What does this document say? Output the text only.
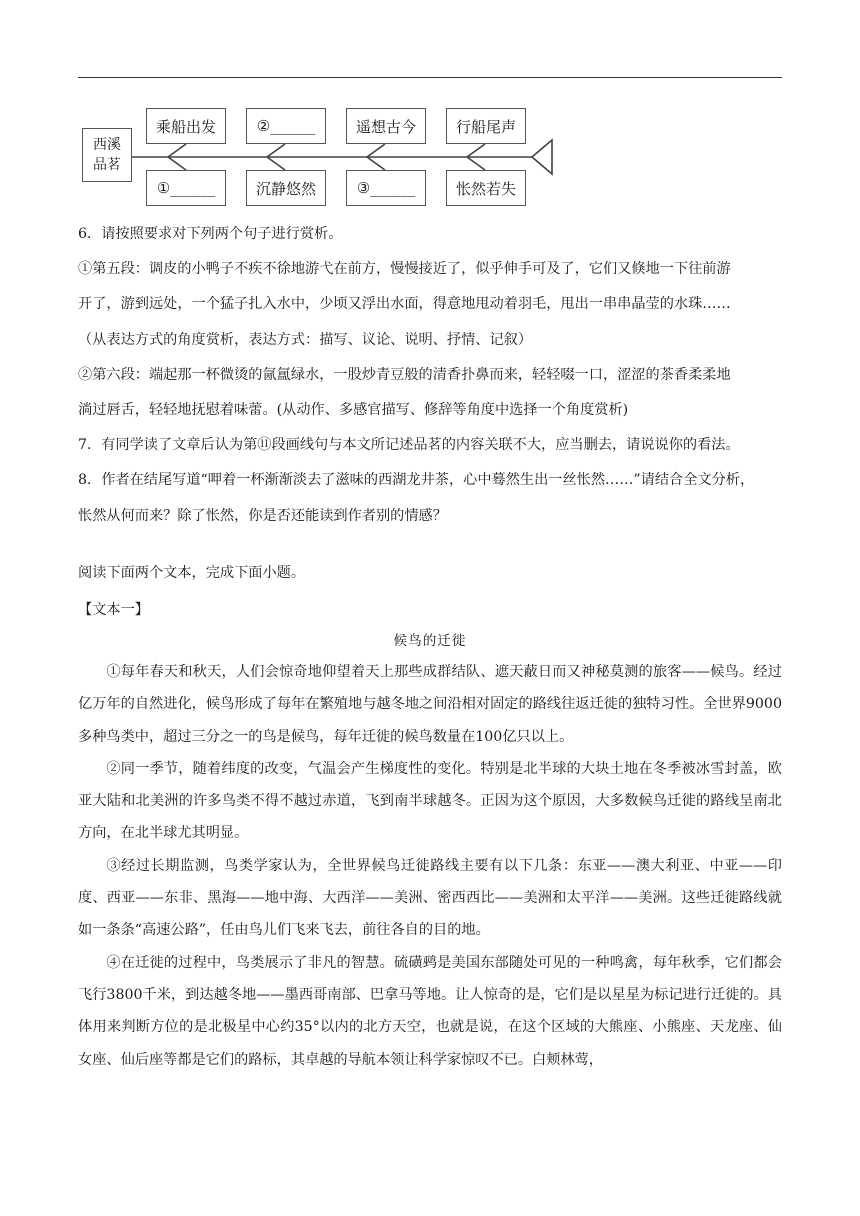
西溪
品茗
乘船出发	②______	遥想古今	行船尾声
①______	沉静悠然	③______	怅然若失

6．请按照要求对下列两个句子进行赏析。

①第五段：调皮的小鸭子不疾不徐地游弋在前方，慢慢接近了，似乎伸手可及了，它们又倏地一下往前游

开了，游到远处，一个猛子扎入水中，少顷又浮出水面，得意地甩动着羽毛，甩出一串串晶莹的水珠……

（从表达方式的角度赏析，表达方式：描写、议论、说明、抒情、记叙）

②第六段：端起那一杯微烫的氤氲绿水，一股炒青豆般的清香扑鼻而来，轻轻啜一口，涩涩的茶香柔柔地

淌过唇舌，轻轻地抚慰着味蕾。(从动作、多感官描写、修辞等角度中选择一个角度赏析)

7．有同学读了文章后认为第⑪段画线句与本文所记述品茗的内容关联不大，应当删去，请说说你的看法。

8．作者在结尾写道“呷着一杯渐渐淡去了滋味的西湖龙井茶，心中蓦然生出一丝怅然……”请结合全文分析，

怅然从何而来？除了怅然，你是否还能读到作者别的情感？

阅读下面两个文本，完成下面小题。
【文本一】
候鸟的迁徙

①每年春天和秋天，人们会惊奇地仰望着天上那些成群结队、遮天蔽日而又神秘莫测的旅客——候鸟。经过亿万年的自然进化，候鸟形成了每年在繁殖地与越冬地之间沿相对固定的路线往返迁徙的独特习性。全世界9000多种鸟类中，超过三分之一的鸟是候鸟，每年迁徙的候鸟数量在100亿只以上。

②同一季节，随着纬度的改变，气温会产生梯度性的变化。特别是北半球的大块土地在冬季被冰雪封盖，欧亚大陆和北美洲的许多鸟类不得不越过赤道，飞到南半球越冬。正因为这个原因，大多数候鸟迁徙的路线呈南北方向，在北半球尤其明显。

③经过长期监测，鸟类学家认为，全世界候鸟迁徙路线主要有以下几条：东亚——澳大利亚、中亚——印度、西亚——东非、黑海——地中海、大西洋——美洲、密西西比——美洲和太平洋——美洲。这些迁徙路线就如一条条“高速公路”，任由鸟儿们飞来飞去，前往各自的目的地。

④在迁徙的过程中，鸟类展示了非凡的智慧。硫磺鹀是美国东部随处可见的一种鸣禽，每年秋季，它们都会飞行3800千米，到达越冬地——墨西哥南部、巴拿马等地。让人惊奇的是，它们是以星星为标记进行迁徙的。具体用来判断方位的是北极星中心约35°以内的北方天空，也就是说，在这个区域的大熊座、小熊座、天龙座、仙女座、仙后座等都是它们的路标，其卓越的导航本领让科学家惊叹不已。白颊林莺，
